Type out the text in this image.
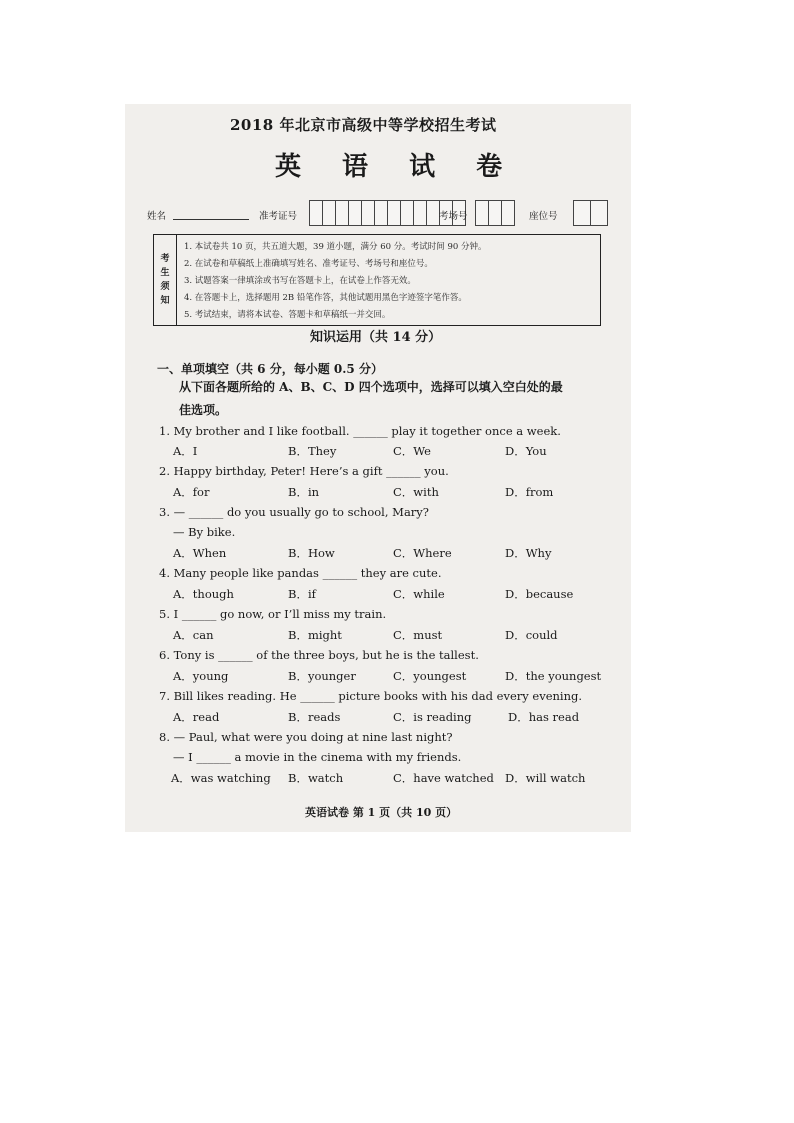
2018 年北京市高级中等学校招生考试
英 语 试 卷
姓名	准考证号	考场号	座位号
考
生
须
知
1. 本试卷共 10 页，共五道大题，39 道小题，满分 60 分。考试时间 90 分钟。
2. 在试卷和草稿纸上准确填写姓名、准考证号、考场号和座位号。
3. 试题答案一律填涂或书写在答题卡上，在试卷上作答无效。
4. 在答题卡上，选择题用 2B 铅笔作答，其他试题用黑色字迹签字笔作答。
5. 考试结束，请将本试卷、答题卡和草稿纸一并交回。
知识运用（共 14 分）
一、单项填空（共 6 分，每小题 0.5 分）
从下面各题所给的 A、B、C、D 四个选项中，选择可以填入空白处的最
佳选项。
1. My brother and I like football. ______ play it together once a week.
A．I	B．They	C．We	D．You
2. Happy birthday, Peter! Here’s a gift ______ you.
A．for	B．in	C．with	D．from
3. — ______ do you usually go to school, Mary?
— By bike.
A．When	B．How	C．Where	D．Why
4. Many people like pandas ______ they are cute.
A．though	B．if	C．while	D．because
5. I ______ go now, or I’ll miss my train.
A．can	B．might	C．must	D．could
6. Tony is ______ of the three boys, but he is the tallest.
A．young	B．younger	C．youngest	D．the youngest
7. Bill likes reading. He ______ picture books with his dad every evening.
A．read	B．reads	C．is reading	D．has read
8. — Paul, what were you doing at nine last night?
— I ______ a movie in the cinema with my friends.
A．was watching B．watch	C．have watched D．will watch
英语试卷 第 1 页（共 10 页）
